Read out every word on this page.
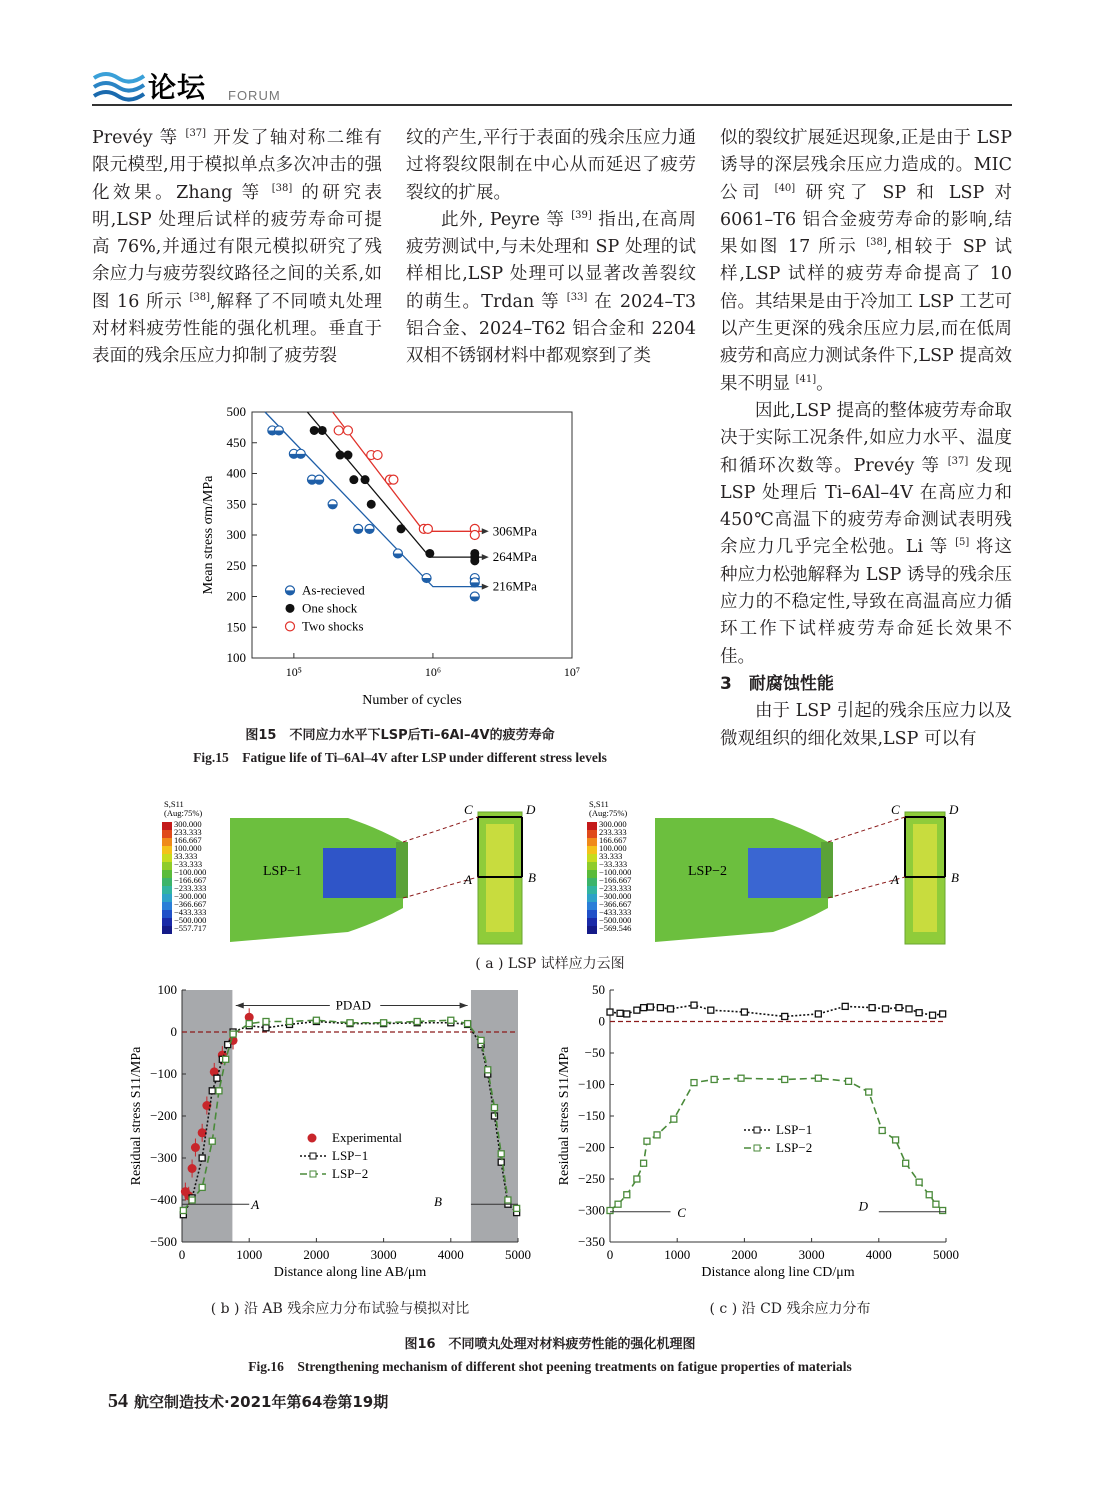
论坛 FORUM

Prevéy 等 [37] 开发了轴对称二维有限元模型,用于模拟单点多次冲击的强化效果。Zhang 等 [38] 的研究表明,LSP 处理后试样的疲劳寿命可提高 76%,并通过有限元模拟研究了残余应力与疲劳裂纹路径之间的关系,如图 16 所示 [38],解释了不同喷丸处理对材料疲劳性能的强化机理。垂直于表面的残余压应力抑制了疲劳裂

纹的产生,平行于表面的残余压应力通过将裂纹限制在中心从而延迟了疲劳裂纹的扩展。

此外, Peyre 等 [39] 指出,在高周疲劳测试中,与未处理和 SP 处理的试样相比,LSP 处理可以显著改善裂纹的萌生。Trdan 等 [33] 在 2024–T3 铝合金、2024–T62 铝合金和 2204 双相不锈钢材料中都观察到了类

似的裂纹扩展延迟现象,正是由于 LSP 诱导的深层残余压应力造成的。MIC 公司 [40] 研究了 SP 和 LSP 对 6061–T6 铝合金疲劳寿命的影响,结果如图 17 所示 [38],相较于 SP 试样,LSP 试样的疲劳寿命提高了 10倍。其结果是由于冷加工 LSP 工艺可以产生更深的残余压应力层,而在低周疲劳和高应力测试条件下,LSP 提高效果不明显 [41]。

因此,LSP 提高的整体疲劳寿命取决于实际工况条件,如应力水平、温度和循环次数等。Prevéy 等 [37] 发现 LSP 处理后 Ti–6Al–4V 在高应力和 450℃高温下的疲劳寿命测试表明残余应力几乎完全松弛。Li 等 [5] 将这种应力松弛解释为 LSP 诱导的残余压应力的不稳定性,导致在高温高应力循环工作下试样疲劳寿命延长效果不佳。

3　耐腐蚀性能

由于 LSP 引起的残余压应力以及微观组织的细化效果,LSP 可以有

100
150
200
250
300
350
400
450
500
10⁵	10⁶	10⁷
Number of cycles
Mean stress σm/MPa	306MPa
264MPa
216MPa
As-recieved
One shock
Two shocks
图15　不同应力水平下LSP后Ti–6Al–4V的疲劳寿命
Fig.15　Fatigue life of Ti–6Al–4V after LSP under different stress levels
S,S11
(Aug:75%)
300.000
233.333
166.667
100.000
33.333
−33.333
−100.000
−166.667
−233.333
−300.000
−366.667
−433.333
−500.000
−557.717
LSP−1
A	B
C	D	S,S11
(Aug:75%)
300.000
233.333
166.667
100.000
33.333
−33.333
−100.000
−166.667
−233.333
−300.000
−366.667
−433.333
−500.000
−569.546
LSP−2
A	B
C	D
( a ) LSP 试样应力云图
−500
−400
−300
−200
−100
0
100
0	1000	2000	3000	4000	5000
Distance along line AB/μm
Residual stress S11/MPa	Experimental
LSP−1
LSP−2
PDAD
A	B
−350
−300
−250
−200
−150
−100
−50
0
50
0	1000	2000	3000	4000	5000
Distance along line CD/μm
Residual stress S11/MPa	LSP−1
LSP−2
C	D
( b ) 沿 AB 残余应力分布试验与模拟对比	( c ) 沿 CD 残余应力分布
图16　不同喷丸处理对材料疲劳性能的强化机理图
Fig.16　Strengthening mechanism of different shot peening treatments on fatigue properties of materials
54 航空制造技术·2021年第64卷第19期
